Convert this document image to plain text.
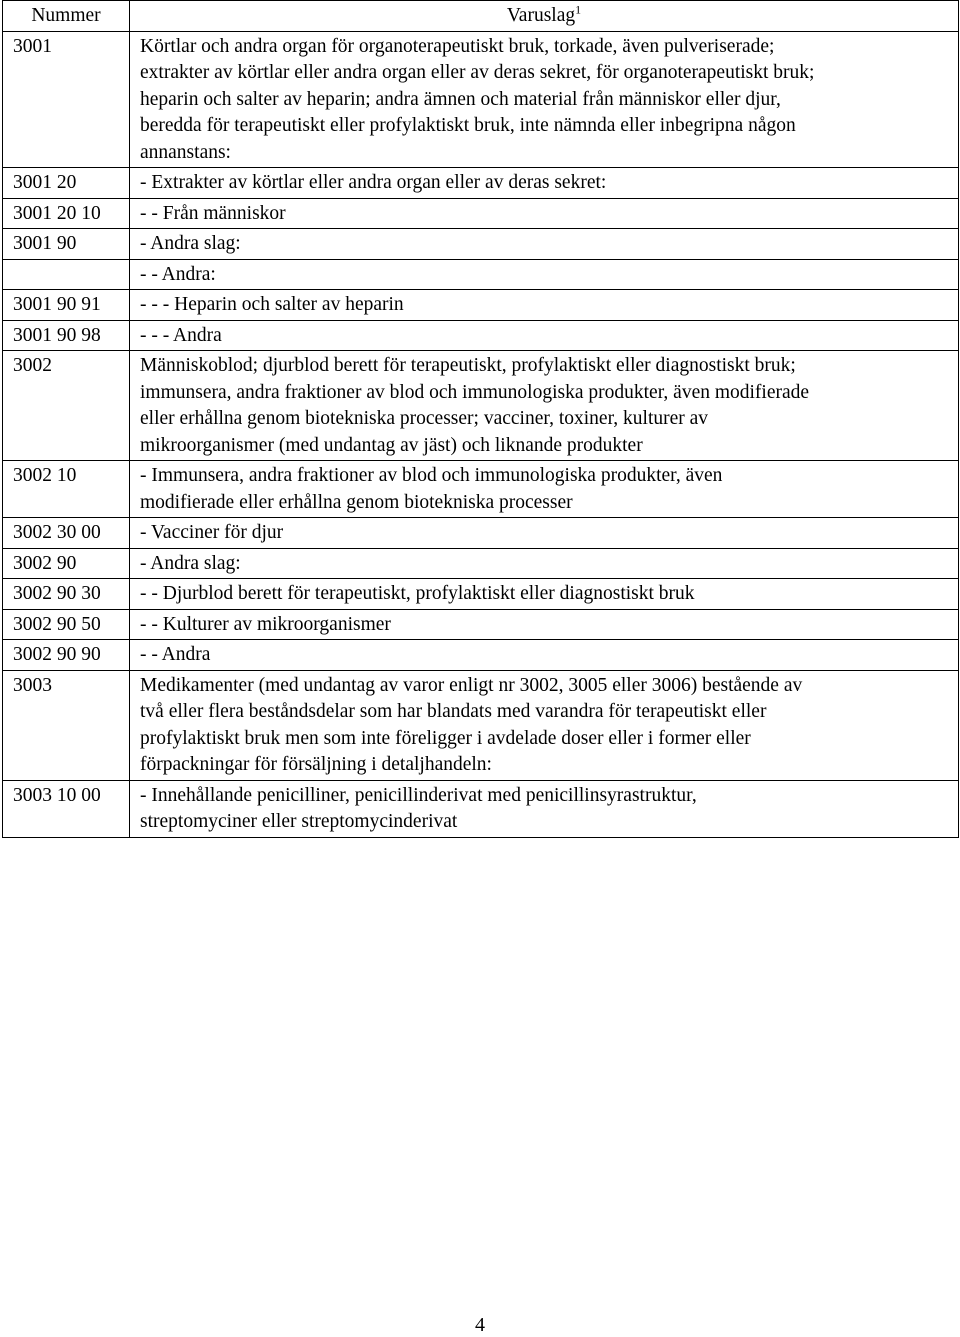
Nummer	Varuslag$^1$
3001	Körtlar och andra organ för organoterapeutiskt bruk, torkade, även pulveriserade;
extrakter av körtlar eller andra organ eller av deras sekret, för organoterapeutiskt bruk;
heparin och salter av heparin; andra ämnen och material från människor eller djur,
beredda för terapeutiskt eller profylaktiskt bruk, inte nämnda eller inbegripna någon
annanstans:
3001 20	- Extrakter av körtlar eller andra organ eller av deras sekret:
3001 20 10	- - Från människor
3001 90	- Andra slag:
	- - Andra:
3001 90 91	- - - Heparin och salter av heparin
3001 90 98	- - - Andra
3002	Människoblod; djurblod berett för terapeutiskt, profylaktiskt eller diagnostiskt bruk;
immunsera, andra fraktioner av blod och immunologiska produkter, även modifierade
eller erhållna genom biotekniska processer; vacciner, toxiner, kulturer av
mikroorganismer (med undantag av jäst) och liknande produkter
3002 10	- Immunsera, andra fraktioner av blod och immunologiska produkter, även
modifierade eller erhållna genom biotekniska processer
3002 30 00	- Vacciner för djur
3002 90	- Andra slag:
3002 90 30	- - Djurblod berett för terapeutiskt, profylaktiskt eller diagnostiskt bruk
3002 90 50	- - Kulturer av mikroorganismer
3002 90 90	- - Andra
3003	Medikamenter (med undantag av varor enligt nr 3002, 3005 eller 3006) bestående av
två eller flera beståndsdelar som har blandats med varandra för terapeutiskt eller
profylaktiskt bruk men som inte föreligger i avdelade doser eller i former eller
förpackningar för försäljning i detaljhandeln:
3003 10 00	- Innehållande penicilliner, penicillinderivat med penicillinsyrastruktur,
streptomyciner eller streptomycinderivat
4
